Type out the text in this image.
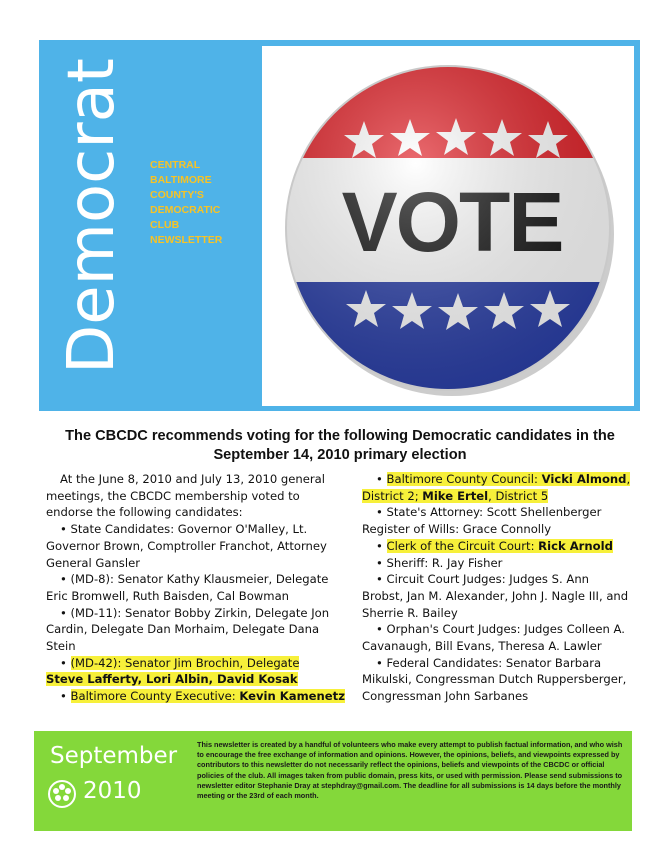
Democrat CENTRAL
BALTIMORE
COUNTY'S
DEMOCRATIC
CLUB
NEWSLETTER
The CBCDC recommends voting for the following Democratic candidates in the September 14, 2010 primary election

At the June 8, 2010 and July 13, 2010 general meetings, the CBCDC membership voted to endorse the following candidates:

• State Candidates: Governor O'Malley, Lt. Governor Brown, Comptroller Franchot, Attorney General Gansler

• (MD-8): Senator Kathy Klausmeier, Delegate Eric Bromwell, Ruth Baisden, Cal Bowman

• (MD-11): Senator Bobby Zirkin, Delegate Jon Cardin, Delegate Dan Morhaim, Delegate Dana Stein

• (MD-42): Senator Jim Brochin, Delegate
Steve Lafferty, Lori Albin, David Kosak

• Baltimore County Executive: Kevin Kamenetz

• Baltimore County Council: Vicki Almond,
District 2; Mike Ertel, District 5

• State's Attorney: Scott Shellenberger Register of Wills: Grace Connolly

• Clerk of the Circuit Court: Rick Arnold

• Sheriff: R. Jay Fisher

• Circuit Court Judges: Judges S. Ann Brobst, Jan M. Alexander, John J. Nagle III, and Sherrie R. Bailey

• Orphan's Court Judges: Judges Colleen A. Cavanaugh, Bill Evans, Theresa A. Lawler

• Federal Candidates: Senator Barbara Mikulski, Congressman Dutch Ruppersberger, Congressman John Sarbanes

September
2010
This newsletter is created by a handful of volunteers who make every attempt to publish factual information, and who wish to encourage the free exchange of information and opinions. However, the opinions, beliefs, and viewpoints expressed by contributors to this newsletter do not necessarily reflect the opinions, beliefs and viewpoints of the CBCDC or official policies of the club. All images taken from public domain, press kits, or used with permission. Please send submissions to newsletter editor Stephanie Dray at stephdray@gmail.com. The deadline for all submissions is 14 days before the monthly meeting or the 23rd of each month.
